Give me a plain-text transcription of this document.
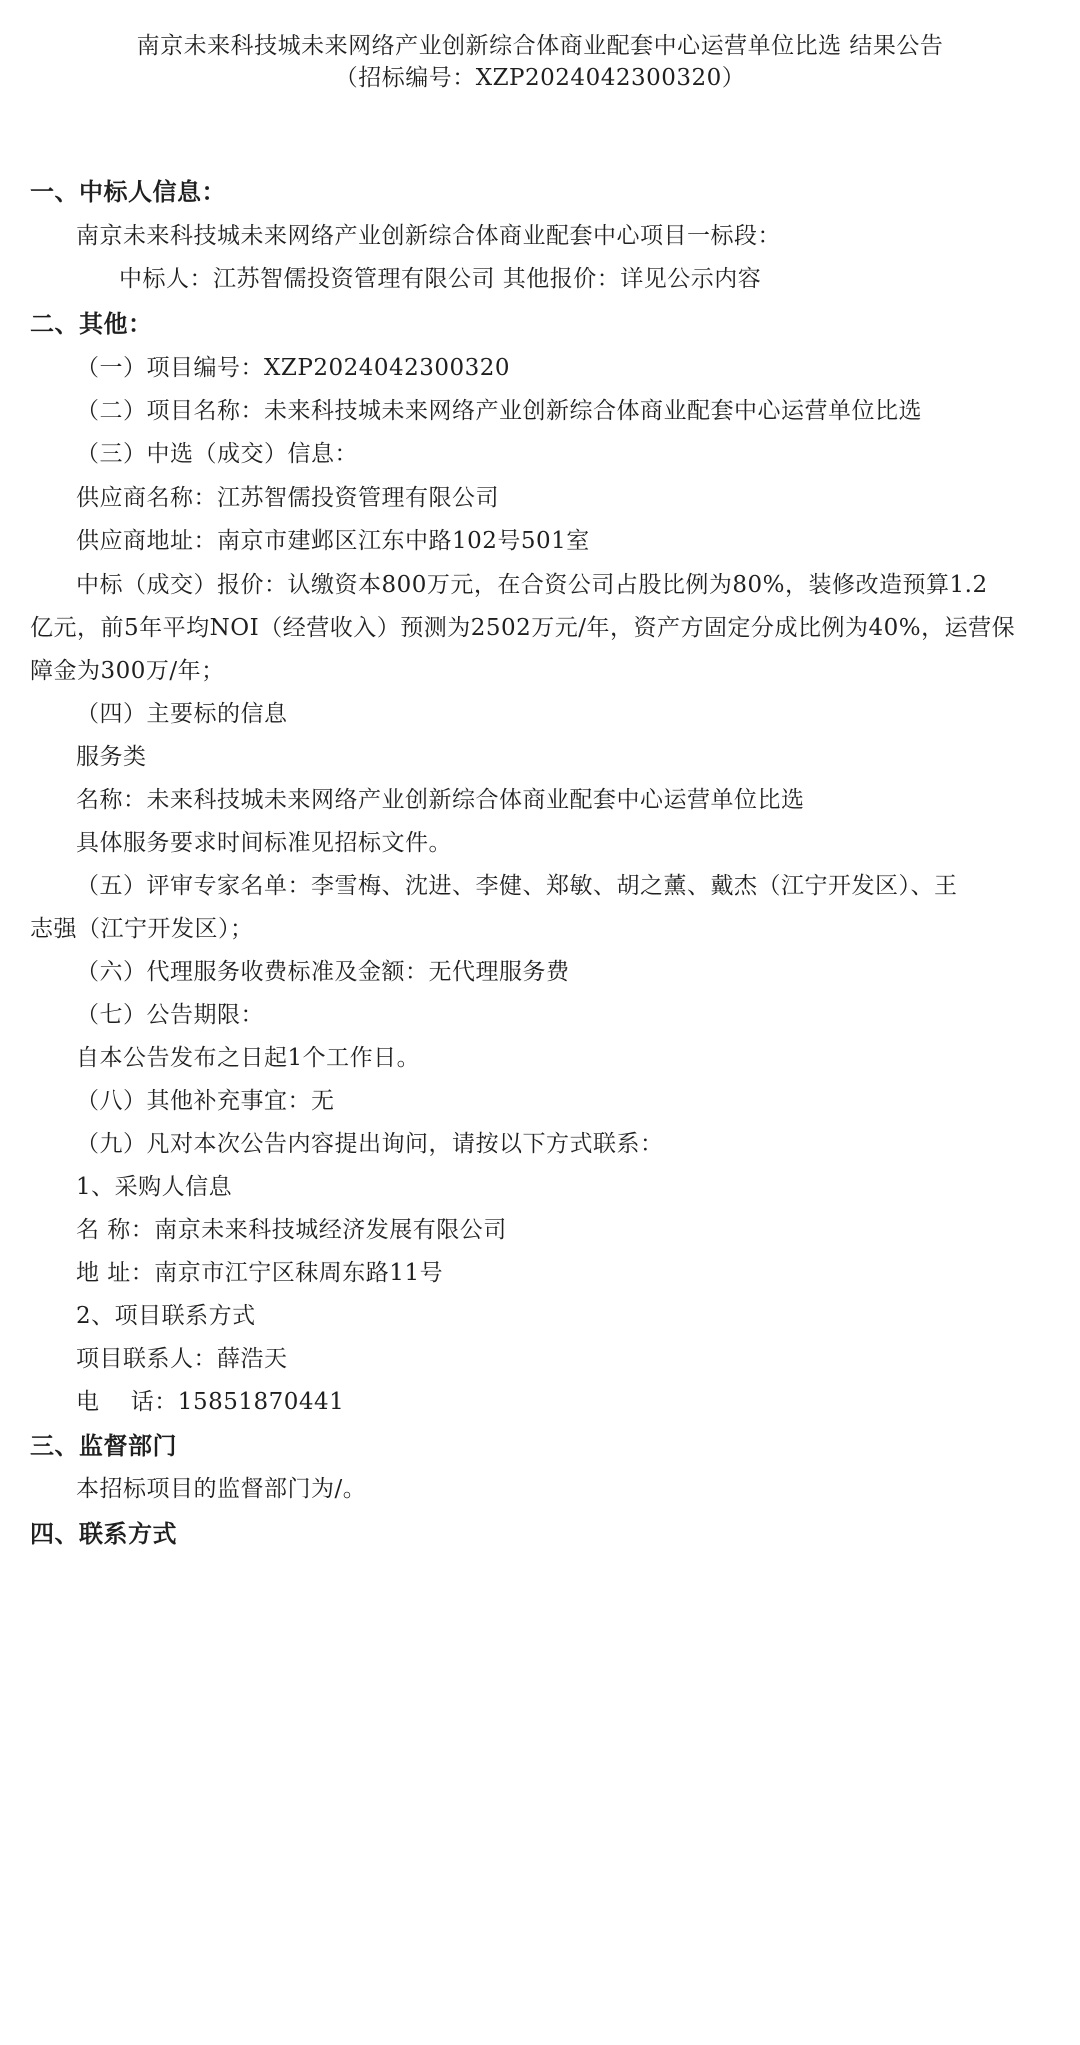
南京未来科技城未来网络产业创新综合体商业配套中心运营单位比选 结果公告
（招标编号：XZP2024042300320）
一、中标人信息：
南京未来科技城未来网络产业创新综合体商业配套中心项目一标段：
中标人：江苏智儒投资管理有限公司 其他报价：详见公示内容
二、其他：
（一）项目编号：XZP2024042300320
（二）项目名称：未来科技城未来网络产业创新综合体商业配套中心运营单位比选
（三）中选（成交）信息：
供应商名称：江苏智儒投资管理有限公司
供应商地址：南京市建邺区江东中路102号501室
中标（成交）报价：认缴资本800万元，在合资公司占股比例为80%，装修改造预算1.2
亿元，前5年平均NOI（经营收入）预测为2502万元/年，资产方固定分成比例为40%，运营保
障金为300万/年；
（四）主要标的信息
服务类
名称：未来科技城未来网络产业创新综合体商业配套中心运营单位比选
具体服务要求时间标准见招标文件。
（五）评审专家名单：李雪梅、沈进、李健、郑敏、胡之薰、戴杰（江宁开发区）、王
志强（江宁开发区）；
（六）代理服务收费标准及金额：无代理服务费
（七）公告期限：
自本公告发布之日起1个工作日。
（八）其他补充事宜：无
（九）凡对本次公告内容提出询问，请按以下方式联系：
1、采购人信息
名 称：南京未来科技城经济发展有限公司
地 址：南京市江宁区秣周东路11号
2、项目联系方式
项目联系人：薛浩天
电　 话：15851870441
三、监督部门
本招标项目的监督部门为/。
四、联系方式
